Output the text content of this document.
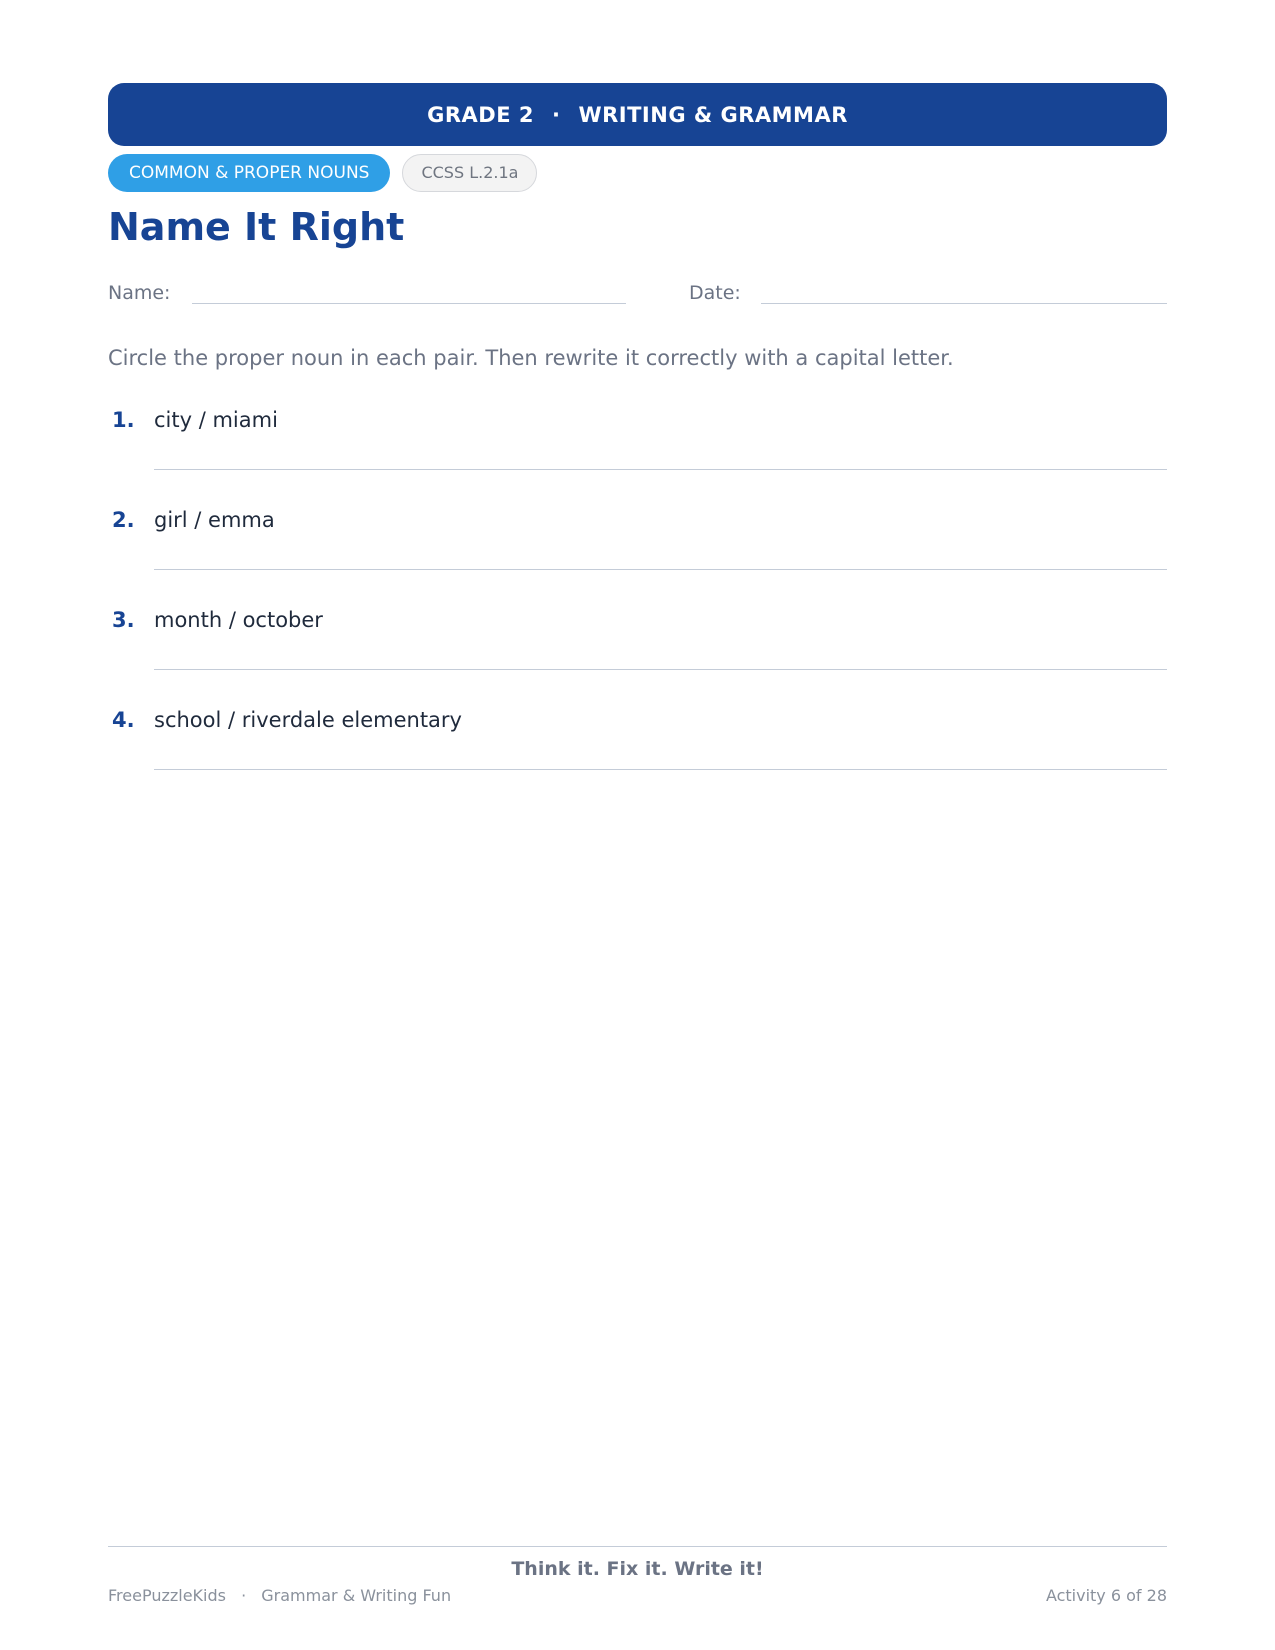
GRADE 2 · WRITING & GRAMMAR
COMMON & PROPER NOUNS	CCSS L.2.1a
Name It Right
Name:	Date:
Circle the proper noun in each pair. Then rewrite it correctly with a capital letter.
1. city / miami
2. girl / emma
3. month / october
4. school / riverdale elementary
Think it. Fix it. Write it!
FreePuzzleKids · Grammar & Writing Fun	Activity 6 of 28
